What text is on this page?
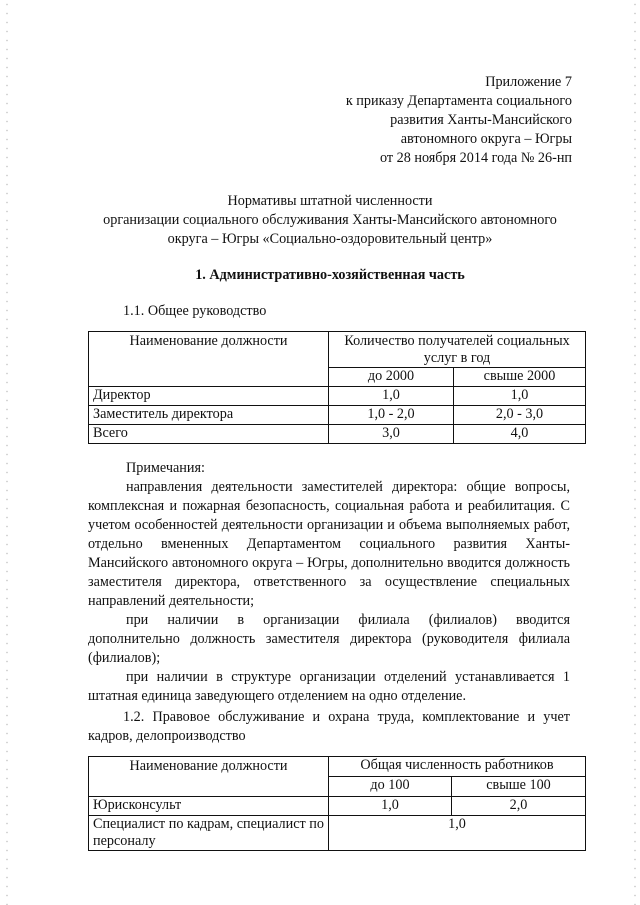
Приложение 7
к приказу Департамента социального
развития Ханты-Мансийского
автономного округа – Югры
от 28 ноября 2014 года № 26-нп
Нормативы штатной численности
организации социального обслуживания Ханты-Мансийского автономного
округа – Югры «Социально-оздоровительный центр»
1. Административно-хозяйственная часть
1.1. Общее руководство
Наименование должности	Количество получателей социальных услуг в год	
	до 2000	свыше 2000
Директор	1,0	1,0
Заместитель директора	1,0 - 2,0	2,0 - 3,0
Всего	3,0	4,0

Примечания:

направления деятельности заместителей директора: общие вопросы, комплексная и пожарная безопасность, социальная работа и реабилитация. С учетом особенностей деятельности организации и объема выполняемых работ, отдельно вмененных Департаментом социального развития Ханты-Мансийского автономного округа – Югры, дополнительно вводится должность заместителя директора, ответственного за осуществление специальных направлений деятельности;

при наличии в организации филиала (филиалов) вводится дополнительно должность заместителя директора (руководителя филиала (филиалов);

при наличии в структуре организации отделений устанавливается 1 штатная единица заведующего отделением на одно отделение.

1.2. Правовое обслуживание и охрана труда, комплектование и учет кадров, делопроизводство
Наименование должности	Общая численность работников	
	до 100	свыше 100
Юрисконсульт	1,0	2,0
Специалист по кадрам, специалист по персоналу	1,0	
